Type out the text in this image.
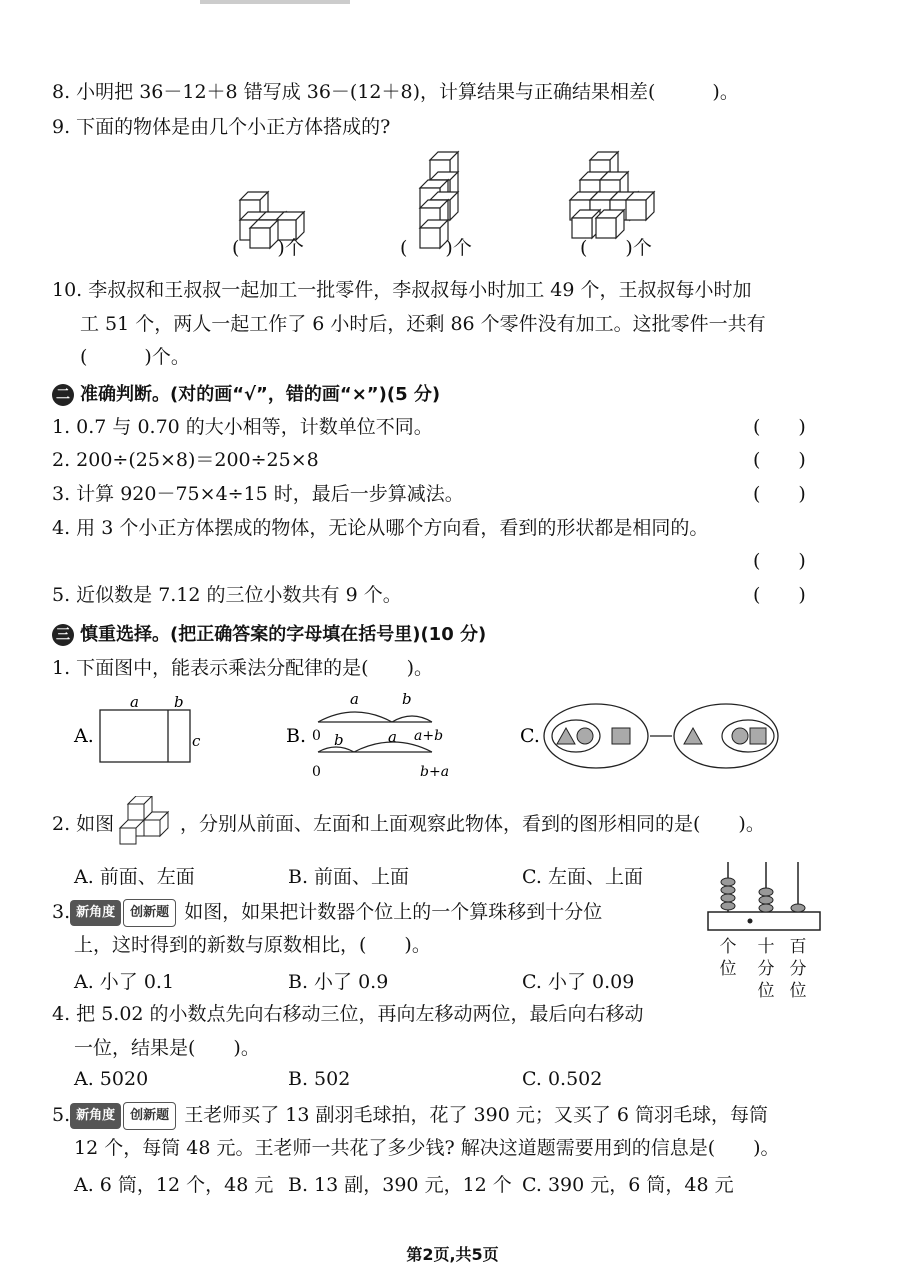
8. 小明把 36－12＋8 错写成 36－(12＋8)，计算结果与正确结果相差(　　　)。
9. 下面的物体是由几个小正方体搭成的?
(　　)个	(　　)个	(　　)个
10. 李叔叔和王叔叔一起加工一批零件，李叔叔每小时加工 49 个，王叔叔每小时加
工 51 个，两人一起工作了 6 小时后，还剩 86 个零件没有加工。这批零件一共有
(　　　)个。
二 准确判断。(对的画“√”，错的画“×”)(5 分)
1. 0.7 与 0.70 的大小相等，计数单位不同。	(　　)
2. 200÷(25×8)＝200÷25×8	(　　)
3. 计算 920－75×4÷15 时，最后一步算减法。	(　　)
4. 用 3 个小正方体摆成的物体，无论从哪个方向看，看到的形状都是相同的。
(　　)
5. 近似数是 7.12 的三位小数共有 9 个。	(　　)
三 慎重选择。(把正确答案的字母填在括号里)(10 分)
1. 下面图中，能表示乘法分配律的是(　　)。
A.
a b
c	B.
a	b
0	a+b
b	a
0	b+a
C.
2. 如图	，分别从前面、左面和上面观察此物体，看到的图形相同的是(　　)。
A. 前面、左面	B. 前面、上面	C. 左面、上面
3. 新角度 创新题 如图，如果把计数器个位上的一个算珠移到十分位
上，这时得到的新数与原数相比，(　　)。
A. 小了 0.1	B. 小了 0.9	C. 小了 0.09
个
位
十
分
位
百
分
位
4. 把 5.02 的小数点先向右移动三位，再向左移动两位，最后向右移动
一位，结果是(　　)。
A. 5020	B. 502	C. 0.502
5. 新角度 创新题 王老师买了 13 副羽毛球拍，花了 390 元；又买了 6 筒羽毛球，每筒
12 个，每筒 48 元。王老师一共花了多少钱? 解决这道题需要用到的信息是(　　)。
A. 6 筒，12 个，48 元 B. 13 副，390 元，12 个 C. 390 元，6 筒，48 元
第2页,共5页
